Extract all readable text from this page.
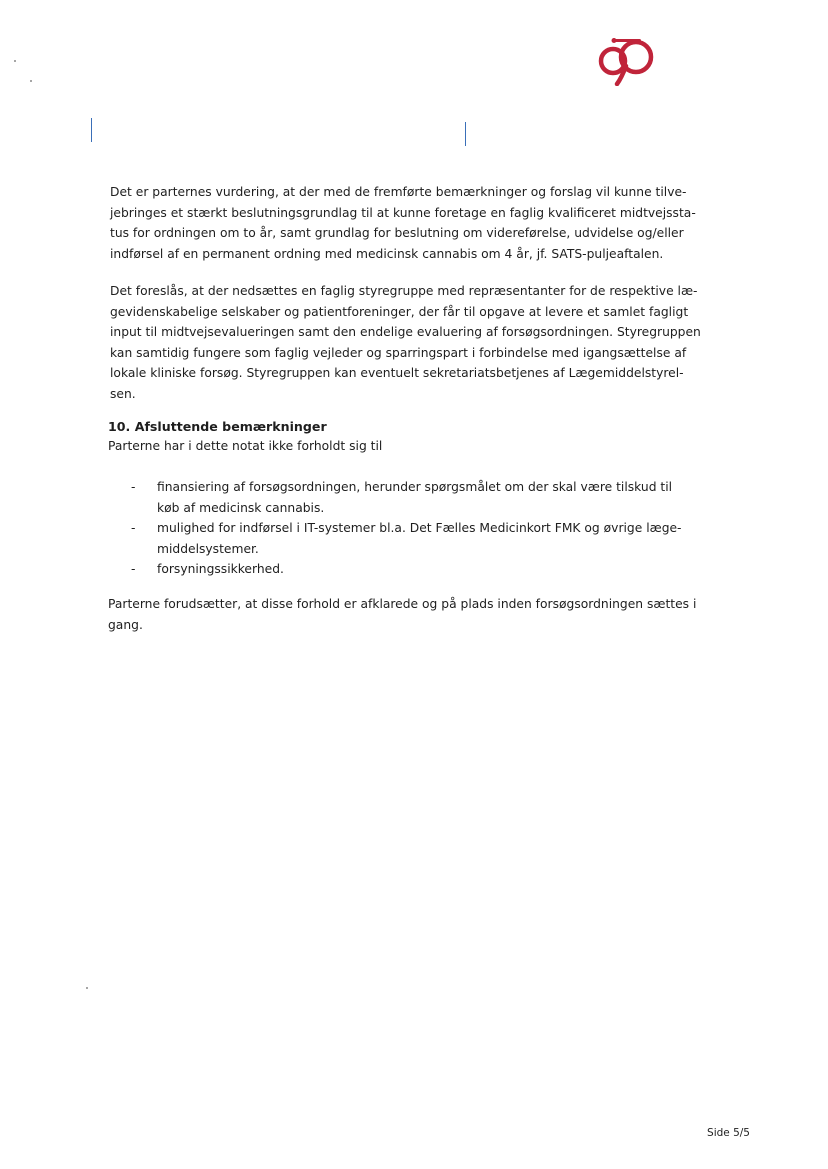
Det er parternes vurdering, at der med de fremførte bemærkninger og forslag vil kunne tilve-
jebringes et stærkt beslutningsgrundlag til at kunne foretage en faglig kvalificeret midtvejssta-
tus for ordningen om to år, samt grundlag for beslutning om videreførelse, udvidelse og/eller
indførsel af en permanent ordning med medicinsk cannabis om 4 år, jf. SATS-puljeaftalen.

Det foreslås, at der nedsættes en faglig styregruppe med repræsentanter for de respektive læ-
gevidenskabelige selskaber og patientforeninger, der får til opgave at levere et samlet fagligt
input til midtvejsevalueringen samt den endelige evaluering af forsøgsordningen. Styregruppen
kan samtidig fungere som faglig vejleder og sparringspart i forbindelse med igangsættelse af
lokale kliniske forsøg. Styregruppen kan eventuelt sekretariatsbetjenes af Lægemiddelstyrel-
sen.

10. Afsluttende bemærkninger

Parterne har i dette notat ikke forholdt sig til

- finansiering af forsøgsordningen, herunder spørgsmålet om der skal være tilskud til
køb af medicinsk cannabis.
- mulighed for indførsel i IT-systemer bl.a. Det Fælles Medicinkort FMK og øvrige læge-
middelsystemer.
- forsyningssikkerhed.

Parterne forudsætter, at disse forhold er afklarede og på plads inden forsøgsordningen sættes i
gang.

Side 5/5
